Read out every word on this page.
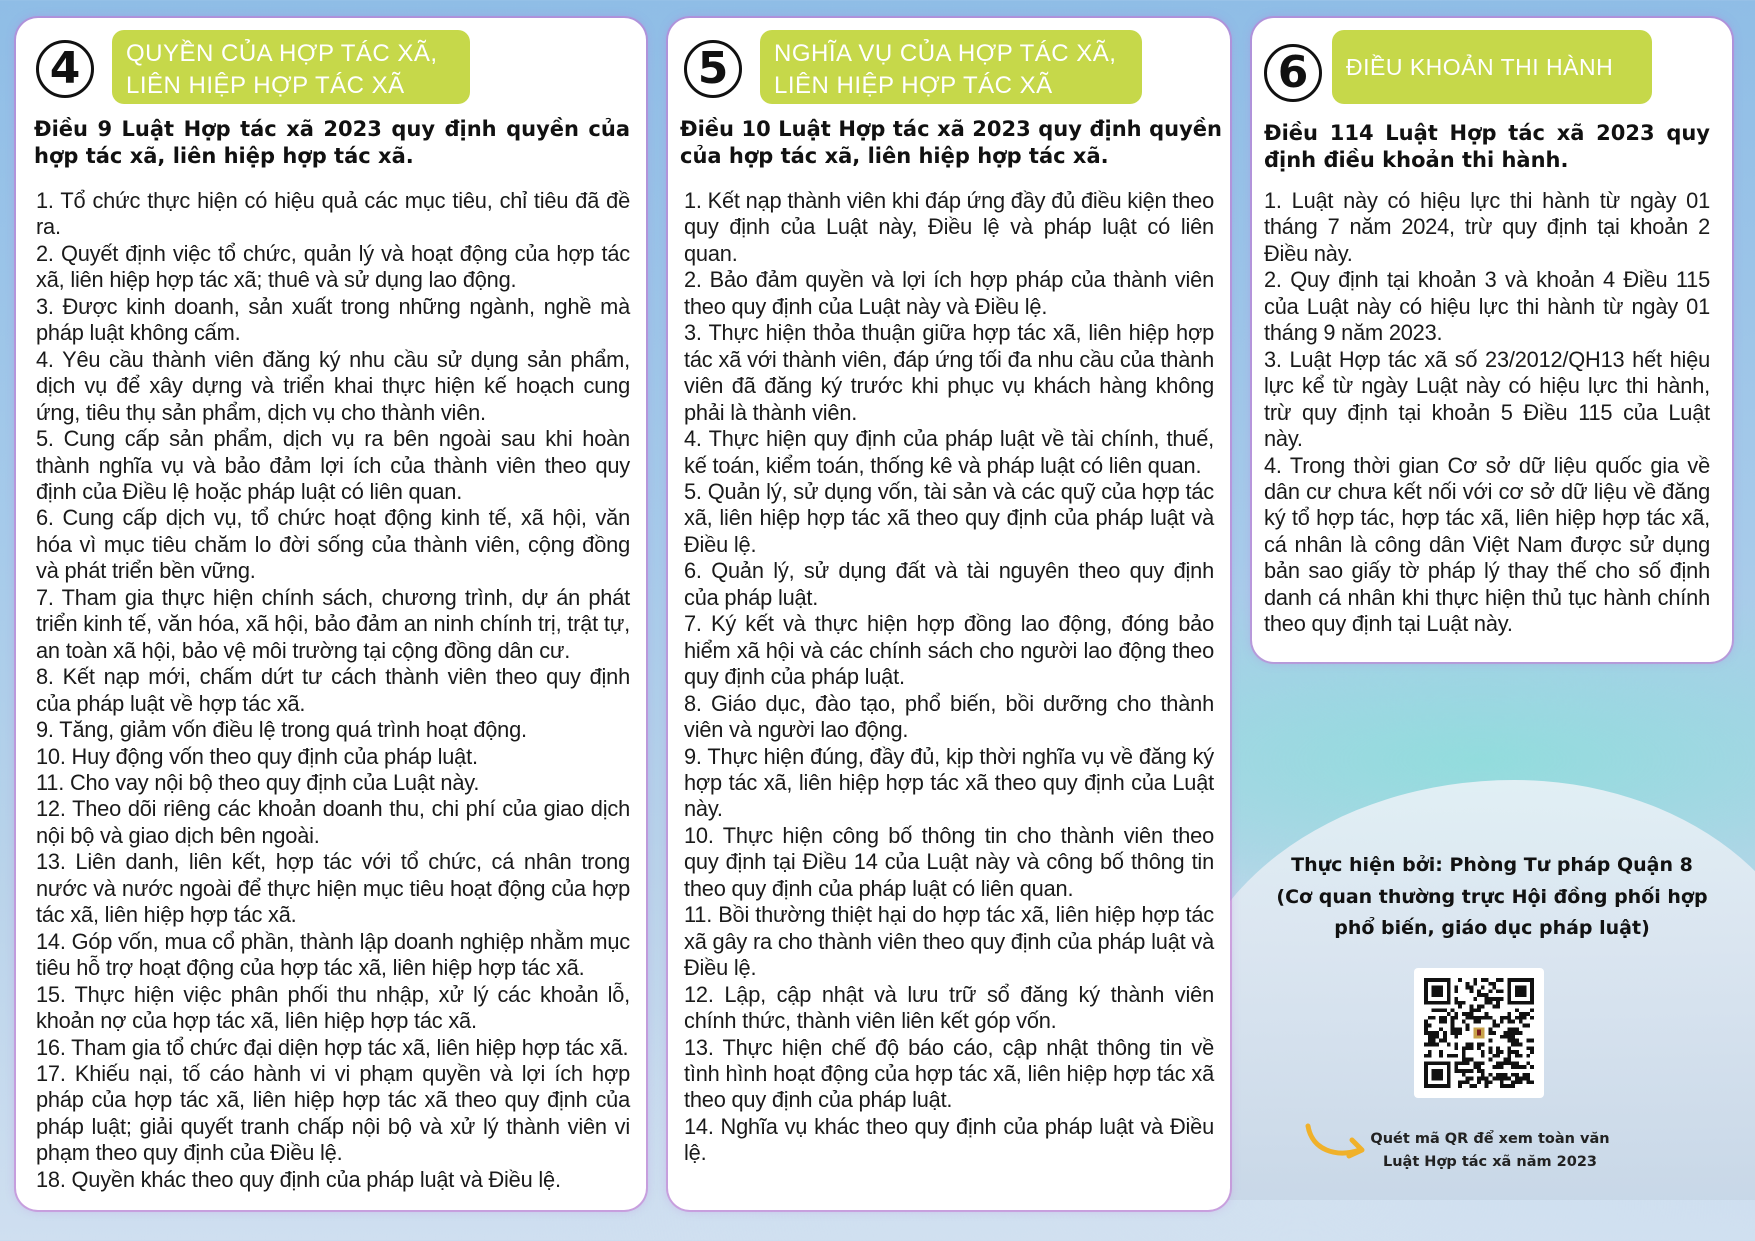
4	QUYỀN CỦA HỢP TÁC XÃ,
LIÊN HIỆP HỢP TÁC XÃ
Điều 9 Luật Hợp tác xã 2023 quy định quyền của hợp tác xã, liên hiệp hợp tác xã.
1. Tổ chức thực hiện có hiệu quả các mục tiêu, chỉ tiêu đã đề ra.
2. Quyết định việc tổ chức, quản lý và hoạt động của hợp tác xã, liên hiệp hợp tác xã; thuê và sử dụng lao động.
3. Được kinh doanh, sản xuất trong những ngành, nghề mà pháp luật không cấm.
4. Yêu cầu thành viên đăng ký nhu cầu sử dụng sản phẩm, dịch vụ để xây dựng và triển khai thực hiện kế hoạch cung ứng, tiêu thụ sản phẩm, dịch vụ cho thành viên.
5. Cung cấp sản phẩm, dịch vụ ra bên ngoài sau khi hoàn thành nghĩa vụ và bảo đảm lợi ích của thành viên theo quy định của Điều lệ hoặc pháp luật có liên quan.
6. Cung cấp dịch vụ, tổ chức hoạt động kinh tế, xã hội, văn hóa vì mục tiêu chăm lo đời sống của thành viên, cộng đồng và phát triển bền vững.
7. Tham gia thực hiện chính sách, chương trình, dự án phát triển kinh tế, văn hóa, xã hội, bảo đảm an ninh chính trị, trật tự, an toàn xã hội, bảo vệ môi trường tại cộng đồng dân cư.
8. Kết nạp mới, chấm dứt tư cách thành viên theo quy định của pháp luật về hợp tác xã.
9. Tăng, giảm vốn điều lệ trong quá trình hoạt động.
10. Huy động vốn theo quy định của pháp luật.
11. Cho vay nội bộ theo quy định của Luật này.
12. Theo dõi riêng các khoản doanh thu, chi phí của giao dịch nội bộ và giao dịch bên ngoài.
13. Liên danh, liên kết, hợp tác với tổ chức, cá nhân trong nước và nước ngoài để thực hiện mục tiêu hoạt động của hợp tác xã, liên hiệp hợp tác xã.
14. Góp vốn, mua cổ phần, thành lập doanh nghiệp nhằm mục tiêu hỗ trợ hoạt động của hợp tác xã, liên hiệp hợp tác xã.
15. Thực hiện việc phân phối thu nhập, xử lý các khoản lỗ, khoản nợ của hợp tác xã, liên hiệp hợp tác xã.
16. Tham gia tổ chức đại diện hợp tác xã, liên hiệp hợp tác xã.
17. Khiếu nại, tố cáo hành vi vi phạm quyền và lợi ích hợp pháp của hợp tác xã, liên hiệp hợp tác xã theo quy định của pháp luật; giải quyết tranh chấp nội bộ và xử lý thành viên vi phạm theo quy định của Điều lệ.
18. Quyền khác theo quy định của pháp luật và Điều lệ.
5	NGHĨA VỤ CỦA HỢP TÁC XÃ,
LIÊN HIỆP HỢP TÁC XÃ
Điều 10 Luật Hợp tác xã 2023 quy định quyền của hợp tác xã, liên hiệp hợp tác xã.
1. Kết nạp thành viên khi đáp ứng đầy đủ điều kiện theo quy định của Luật này, Điều lệ và pháp luật có liên quan.
2. Bảo đảm quyền và lợi ích hợp pháp của thành viên theo quy định của Luật này và Điều lệ.
3. Thực hiện thỏa thuận giữa hợp tác xã, liên hiệp hợp tác xã với thành viên, đáp ứng tối đa nhu cầu của thành viên đã đăng ký trước khi phục vụ khách hàng không phải là thành viên.
4. Thực hiện quy định của pháp luật về tài chính, thuế, kế toán, kiểm toán, thống kê và pháp luật có liên quan.
5. Quản lý, sử dụng vốn, tài sản và các quỹ của hợp tác xã, liên hiệp hợp tác xã theo quy định của pháp luật và Điều lệ.
6. Quản lý, sử dụng đất và tài nguyên theo quy định của pháp luật.
7. Ký kết và thực hiện hợp đồng lao động, đóng bảo hiểm xã hội và các chính sách cho người lao động theo quy định của pháp luật.
8. Giáo dục, đào tạo, phổ biến, bồi dưỡng cho thành viên và người lao động.
9. Thực hiện đúng, đầy đủ, kịp thời nghĩa vụ về đăng ký hợp tác xã, liên hiệp hợp tác xã theo quy định của Luật này.
10. Thực hiện công bố thông tin cho thành viên theo quy định tại Điều 14 của Luật này và công bố thông tin theo quy định của pháp luật có liên quan.
11. Bồi thường thiệt hại do hợp tác xã, liên hiệp hợp tác xã gây ra cho thành viên theo quy định của pháp luật và Điều lệ.
12. Lập, cập nhật và lưu trữ sổ đăng ký thành viên chính thức, thành viên liên kết góp vốn.
13. Thực hiện chế độ báo cáo, cập nhật thông tin về tình hình hoạt động của hợp tác xã, liên hiệp hợp tác xã theo quy định của pháp luật.
14. Nghĩa vụ khác theo quy định của pháp luật và Điều lệ.
6	ĐIỀU KHOẢN THI HÀNH
Điều 114 Luật Hợp tác xã 2023 quy định điều khoản thi hành.
1. Luật này có hiệu lực thi hành từ ngày 01 tháng 7 năm 2024, trừ quy định tại khoản 2 Điều này.
2. Quy định tại khoản 3 và khoản 4 Điều 115 của Luật này có hiệu lực thi hành từ ngày 01 tháng 9 năm 2023.
3. Luật Hợp tác xã số 23/2012/QH13 hết hiệu lực kể từ ngày Luật này có hiệu lực thi hành, trừ quy định tại khoản 5 Điều 115 của Luật này.
4. Trong thời gian Cơ sở dữ liệu quốc gia về dân cư chưa kết nối với cơ sở dữ liệu về đăng ký tổ hợp tác, hợp tác xã, liên hiệp hợp tác xã, cá nhân là công dân Việt Nam được sử dụng bản sao giấy tờ pháp lý thay thế cho số định danh cá nhân khi thực hiện thủ tục hành chính theo quy định tại Luật này.
Thực hiện bởi: Phòng Tư pháp Quận 8
(Cơ quan thường trực Hội đồng phối hợp
phổ biến, giáo dục pháp luật)
Quét mã QR để xem toàn văn
Luật Hợp tác xã năm 2023
